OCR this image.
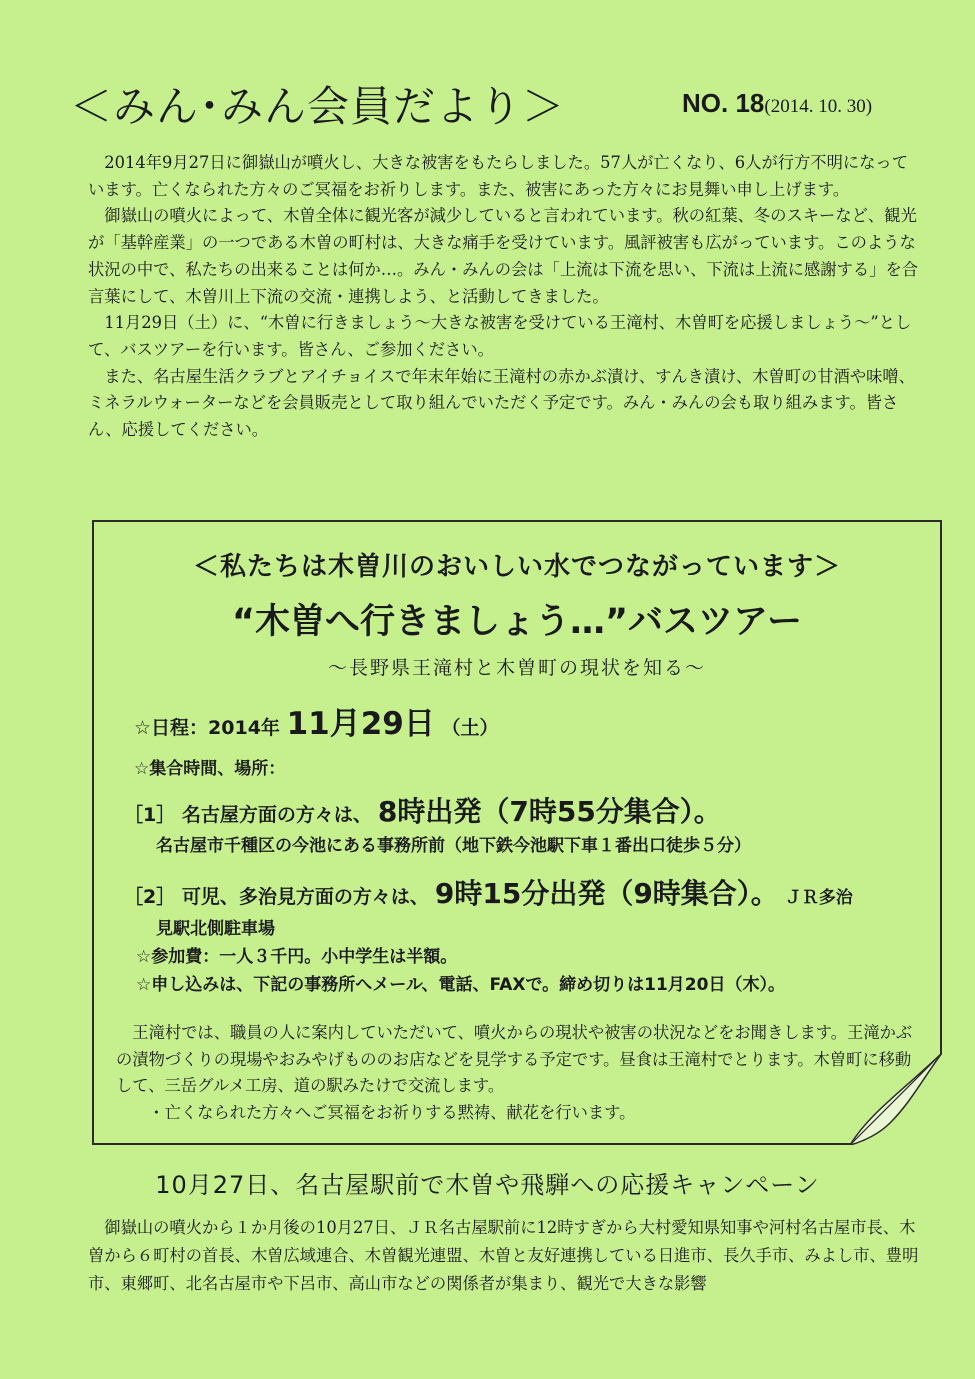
＜みん･みん会員だより＞	NO. 18(2014. 10. 30)

2014年9月27日に御嶽山が噴火し、大きな被害をもたらしました。57人が亡くなり、6人が行方不明になっています。亡くなられた方々のご冥福をお祈りします。また、被害にあった方々にお見舞い申し上げます。

御嶽山の噴火によって、木曽全体に観光客が減少していると言われています。秋の紅葉、冬のスキーなど、観光が「基幹産業」の一つである木曽の町村は、大きな痛手を受けています。風評被害も広がっています。このような状況の中で、私たちの出来ることは何か…。みん・みんの会は「上流は下流を思い、下流は上流に感謝する」を合言葉にして、木曽川上下流の交流・連携しよう、と活動してきました。

11月29日（土）に、“木曽に行きましょう～大きな被害を受けている王滝村、木曽町を応援しましょう～”として、バスツアーを行います。皆さん、ご参加ください。

また、名古屋生活クラブとアイチョイスで年末年始に王滝村の赤かぶ漬け、すんき漬け、木曽町の甘酒や味噌、ミネラルウォーターなどを会員販売として取り組んでいただく予定です。みん・みんの会も取り組みます。皆さん、応援してください。

＜私たちは木曽川のおいしい水でつながっています＞
“木曽へ行きましょう…”バスツアー
～長野県王滝村と木曽町の現状を知る～
☆日程：2014年 11月29日 （土）
☆集合時間、場所：
［1］ 名古屋方面の方々は、 8時出発（7時55分集合）。
名古屋市千種区の今池にある事務所前（地下鉄今池駅下車１番出口徒歩５分）
［2］ 可児、多治見方面の方々は、 9時15分出発（9時集合）。 ＪＲ多治
見駅北側駐車場
☆参加費：一人３千円。小中学生は半額。
☆申し込みは、下記の事務所へメール、電話、FAXで。締め切りは11月20日（木）。

王滝村では、職員の人に案内していただいて、噴火からの現状や被害の状況などをお聞きします。王滝かぶの漬物づくりの現場やおみやげもののお店などを見学する予定です。昼食は王滝村でとります。木曽町に移動して、三岳グルメ工房、道の駅みたけで交流します。

・亡くなられた方々へご冥福をお祈りする黙祷、献花を行います。

10月27日、名古屋駅前で木曽や飛騨への応援キャンペーン

御嶽山の噴火から１か月後の10月27日、ＪＲ名古屋駅前に12時すぎから大村愛知県知事や河村名古屋市長、木曽から６町村の首長、木曽広域連合、木曽観光連盟、木曽と友好連携している日進市、長久手市、みよし市、豊明市、東郷町、北名古屋市や下呂市、高山市などの関係者が集まり、観光で大きな影響
